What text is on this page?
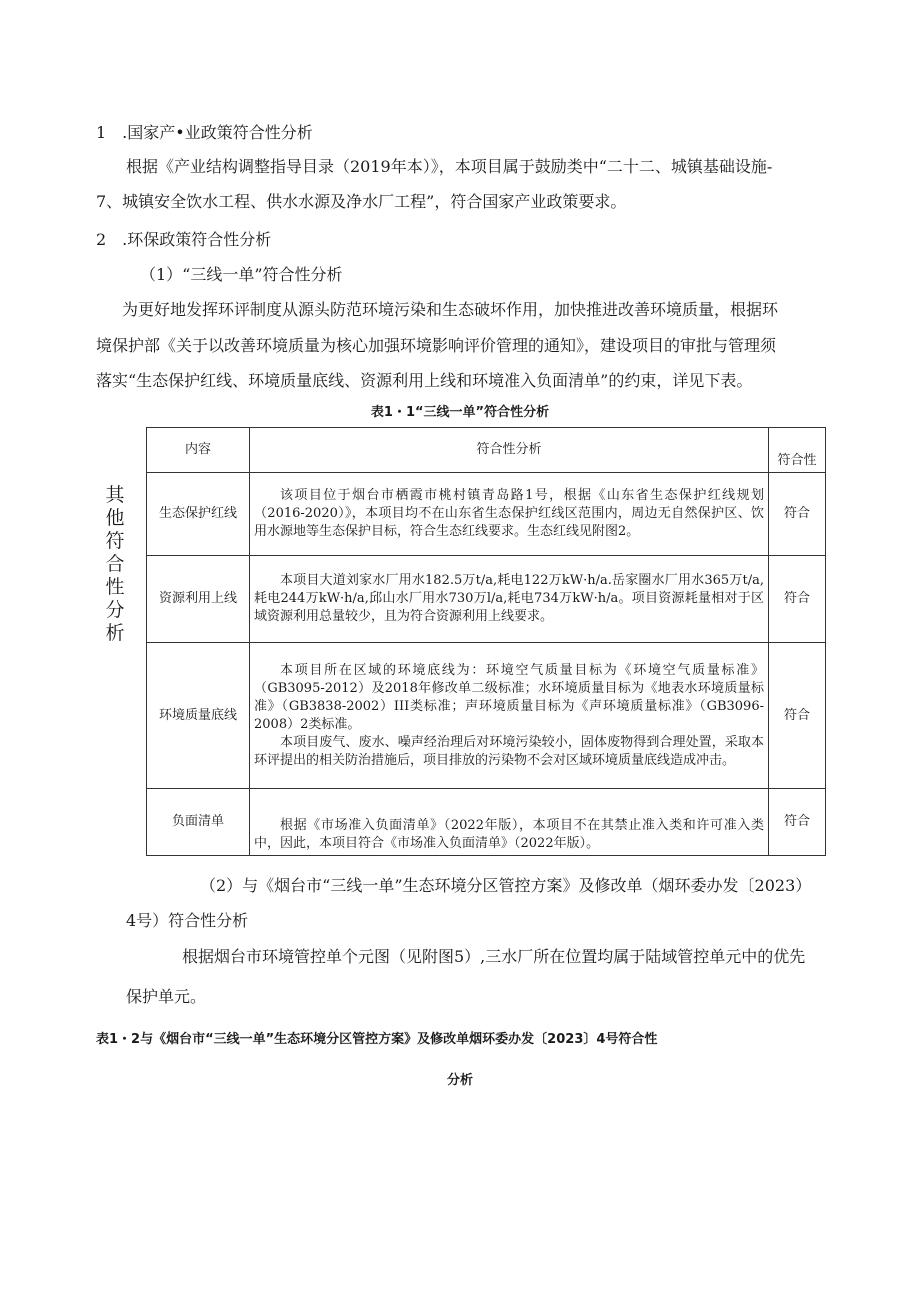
1　.国家产•业政策符合性分析
根据《产业结构调整指导目录（2019年本）》，本项目属于鼓励类中“二十二、城镇基础设施-
7、城镇安全饮水工程、供水水源及净水厂工程”，符合国家产业政策要求。
2　.环保政策符合性分析
（1）“三线一单”符合性分析
为更好地发挥环评制度从源头防范环境污染和生态破坏作用，加快推进改善环境质量，根据环
境保护部《关于以改善环境质量为核心加强环境影响评价管理的通知》，建设项目的审批与管理须
落实“生态保护红线、环境质量底线、资源利用上线和环境准入负面清单”的约束，详见下表。
表1・1“三线一单”符合性分析
其他符合性分析
内容	符合性分析	符合性
生态保护红线	该项目位于烟台市栖霞市桃村镇青岛路1号，根据《山东省生态保护红线规划（2016-2020）》，本项目均不在山东省生态保护红线区范围内，周边无自然保护区、饮用水源地等生态保护目标，符合生态红线要求。生态红线见附图2。	符合
资源利用上线	本项目大道刘家水厂用水182.5万t/a,耗电122万kW·h/a.岳家圈水厂用水365万t/a,耗电244万kW·h/a,邱山水厂用水730万l/a,耗电734万kW·h/a。项目资源耗量相对于区域资源利用总量较少，且为符合资源利用上线要求。	符合
环境质量底线	本项目所在区域的环境底线为：环境空气质量目标为《环境空气质量标准》（GB3095-2012）及2018年修改单二级标准；水环境质量目标为《地表水环境质量标准》（GB3838-2002）III类标准；声环境质量目标为《声环境质量标准》（GB3096-2008）2类标准。

本项目废气、废水、噪声经治理后对环境污染较小，固体废物得到合理处置，采取本环评提出的相关防治措施后，项目排放的污染物不会对区域环境质量底线造成冲击。	符合
负面清单	根据《市场准入负面清单》（2022年版），本项目不在其禁止准入类和许可准入类中，因此，本项目符合《市场准入负面清单》（2022年版）。	符合
（2）与《烟台市“三线一单”生态环境分区管控方案》及修改单（烟环委办发〔2023）
4号）符合性分析
根据烟台市环境管控单个元图（见附图5）,三水厂所在位置均属于陆域管控单元中的优先
保护单元。
表1・2与《烟台市“三线一单”生态环境分区管控方案》及修改单烟环委办发〔2023〕4号符合性
分析
